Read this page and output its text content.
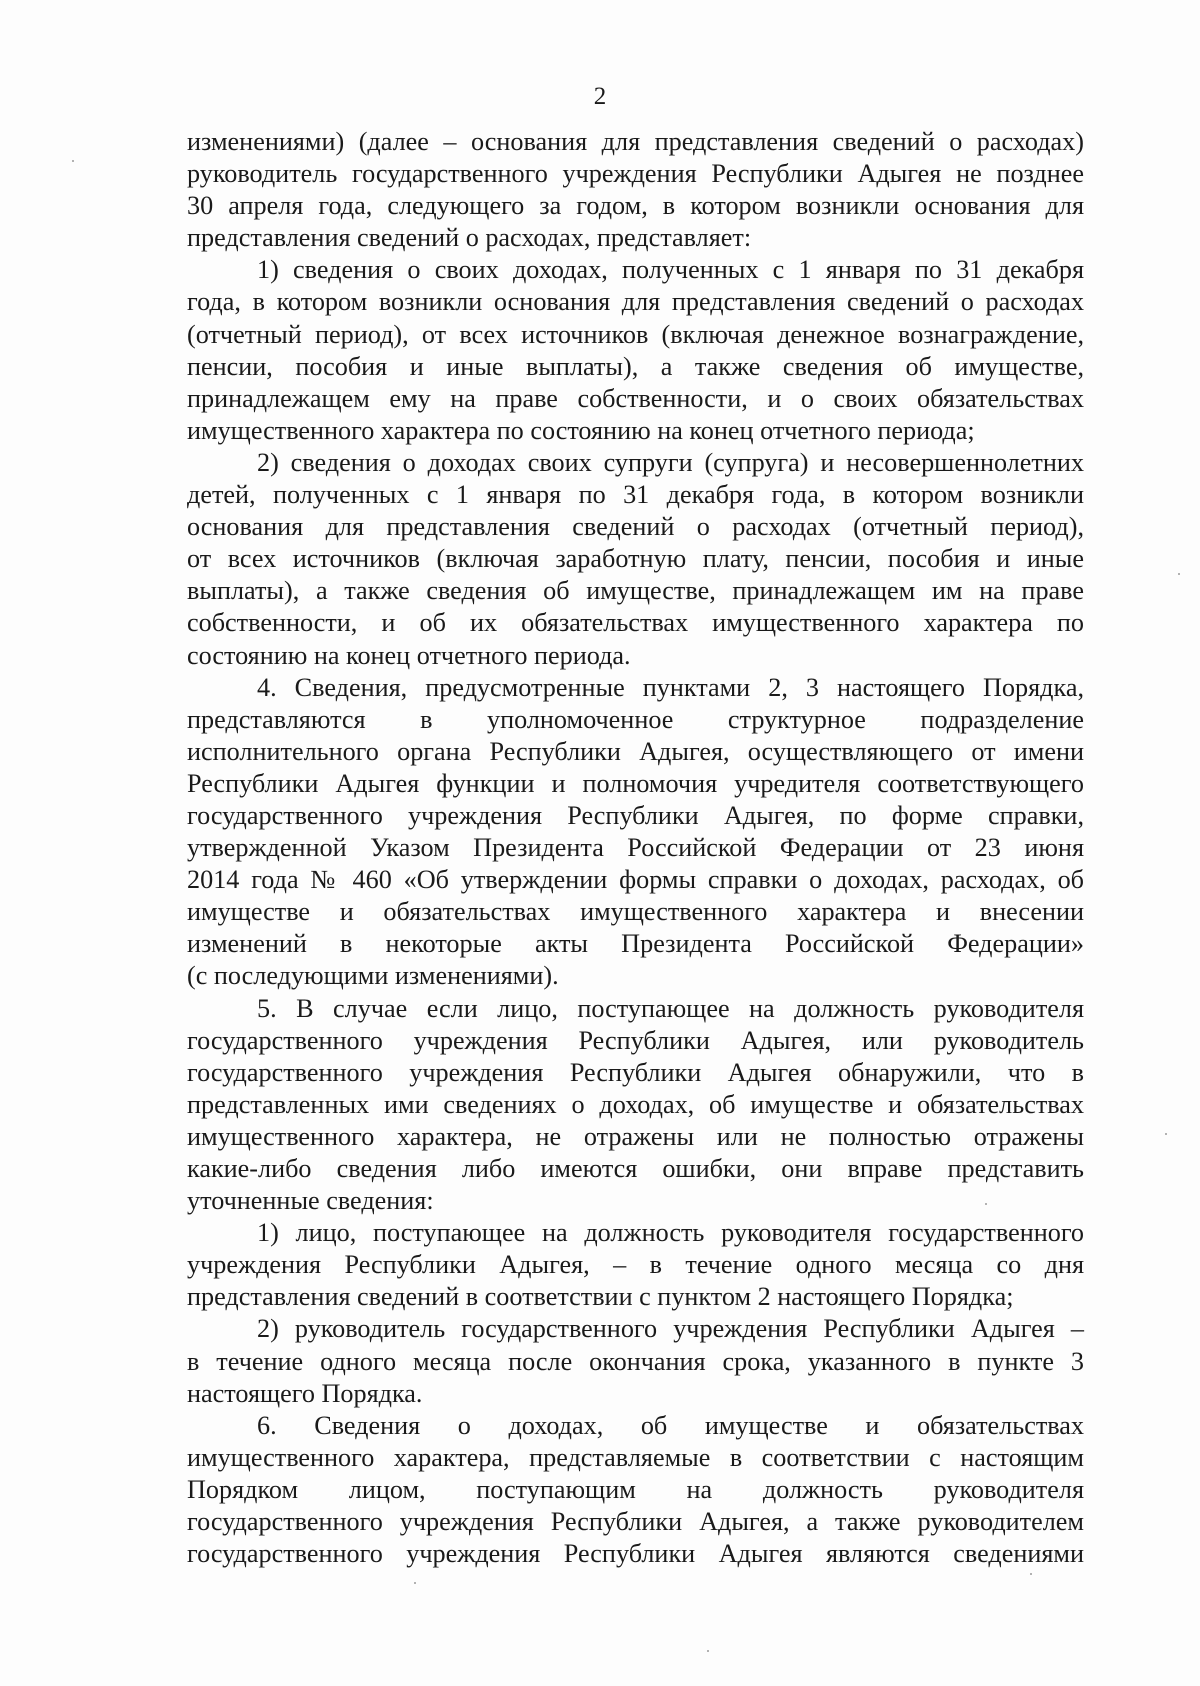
2
изменениями) (далее – основания для представления сведений о расходах)
руководитель государственного учреждения Республики Адыгея не позднее
30 апреля года, следующего за годом, в котором возникли основания для
представления сведений о расходах, представляет:
1) сведения о своих доходах, полученных с 1 января по 31 декабря
года, в котором возникли основания для представления сведений о расходах
(отчетный период), от всех источников (включая денежное вознаграждение,
пенсии, пособия и иные выплаты), а также сведения об имуществе,
принадлежащем ему на праве собственности, и о своих обязательствах
имущественного характера по состоянию на конец отчетного периода;
2) сведения о доходах своих супруги (супруга) и несовершеннолетних
детей, полученных с 1 января по 31 декабря года, в котором возникли
основания для представления сведений о расходах (отчетный период),
от всех источников (включая заработную плату, пенсии, пособия и иные
выплаты), а также сведения об имуществе, принадлежащем им на праве
собственности, и об их обязательствах имущественного характера по
состоянию на конец отчетного периода.
4. Сведения, предусмотренные пунктами 2, 3 настоящего Порядка,
представляются в уполномоченное структурное подразделение
исполнительного органа Республики Адыгея, осуществляющего от имени
Республики Адыгея функции и полномочия учредителя соответствующего
государственного учреждения Республики Адыгея, по форме справки,
утвержденной Указом Президента Российской Федерации от 23 июня
2014 года № 460 «Об утверждении формы справки о доходах, расходах, об
имуществе и обязательствах имущественного характера и внесении
изменений в некоторые акты Президента Российской Федерации»
(с последующими изменениями).
5. В случае если лицо, поступающее на должность руководителя
государственного учреждения Республики Адыгея, или руководитель
государственного учреждения Республики Адыгея обнаружили, что в
представленных ими сведениях о доходах, об имуществе и обязательствах
имущественного характера, не отражены или не полностью отражены
какие-либо сведения либо имеются ошибки, они вправе представить
уточненные сведения:
1) лицо, поступающее на должность руководителя государственного
учреждения Республики Адыгея, – в течение одного месяца со дня
представления сведений в соответствии с пунктом 2 настоящего Порядка;
2) руководитель государственного учреждения Республики Адыгея –
в течение одного месяца после окончания срока, указанного в пункте 3
настоящего Порядка.
6. Сведения о доходах, об имуществе и обязательствах
имущественного характера, представляемые в соответствии с настоящим
Порядком лицом, поступающим на должность руководителя
государственного учреждения Республики Адыгея, а также руководителем
государственного учреждения Республики Адыгея являются сведениями
